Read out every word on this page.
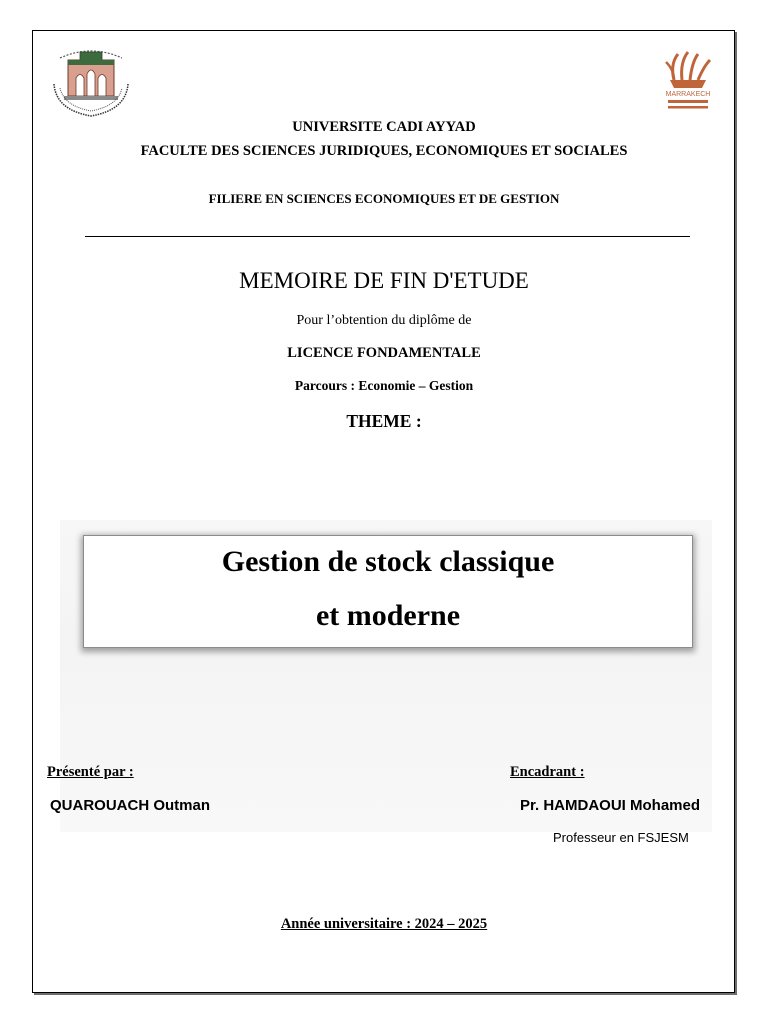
MARRAKECH
UNIVERSITE CADI AYYAD
FACULTE DES SCIENCES JURIDIQUES, ECONOMIQUES ET SOCIALES
FILIERE EN SCIENCES ECONOMIQUES ET DE GESTION
MEMOIRE DE FIN D'ETUDE
Pour l’obtention du diplôme de
LICENCE FONDAMENTALE
Parcours : Economie – Gestion
THEME :
Gestion de stock classique
et moderne
Présenté par :	Encadrant :
QUAROUACH Outman	Pr. HAMDAOUI Mohamed
Professeur en FSJESM
Année universitaire : 2024 – 2025
